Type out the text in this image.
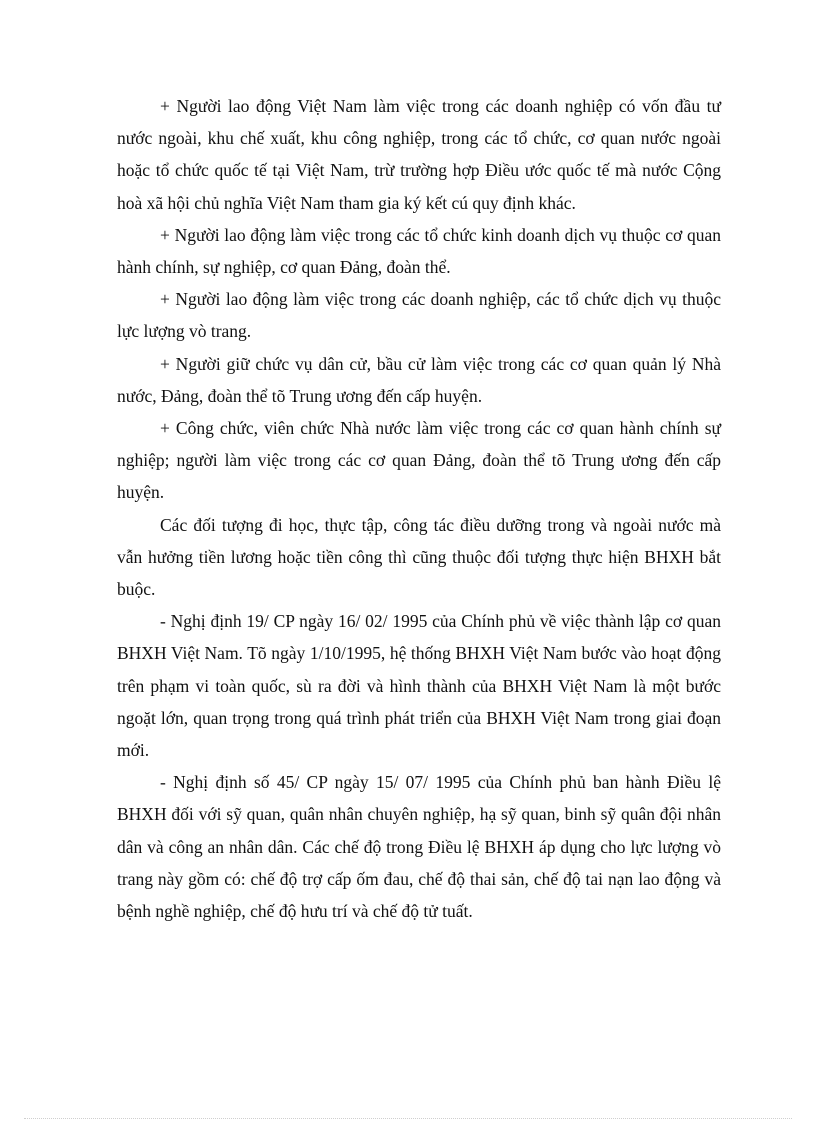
+ Người lao động Việt Nam làm việc trong các doanh nghiệp có vốn đầu tư nước ngoài, khu chế xuất, khu công nghiệp, trong các tổ chức, cơ quan nước ngoài hoặc tổ chức quốc tế tại Việt Nam, trừ trường hợp Điều ước quốc tế mà nước Cộng hoà xã hội chủ nghĩa Việt Nam tham gia ký kết cú quy định khác.

+ Người lao động làm việc trong các tổ chức kinh doanh dịch vụ thuộc cơ quan hành chính, sự nghiệp, cơ quan Đảng, đoàn thể.

+ Người lao động làm việc trong các doanh nghiệp, các tổ chức dịch vụ thuộc lực lượng vò trang.

+ Người giữ chức vụ dân cử, bầu cử làm việc trong các cơ quan quản lý Nhà nước, Đảng, đoàn thể tõ Trung ương đến cấp huyện.

+ Công chức, viên chức Nhà nước làm việc trong các cơ quan hành chính sự nghiệp; người làm việc trong các cơ quan Đảng, đoàn thể tõ Trung ương đến cấp huyện.

Các đối tượng đi học, thực tập, công tác điều dưỡng trong và ngoài nước mà vẫn hưởng tiền lương hoặc tiền công thì cũng thuộc đối tượng thực hiện BHXH bắt buộc.

- Nghị định 19/ CP ngày 16/ 02/ 1995 của Chính phủ về việc thành lập cơ quan BHXH Việt Nam. Tõ ngày 1/10/1995, hệ thống BHXH Việt Nam bước vào hoạt động trên phạm vi toàn quốc, sù ra đời và hình thành của BHXH Việt Nam là một bước ngoặt lớn, quan trọng trong quá trình phát triển của BHXH Việt Nam trong giai đoạn mới.

- Nghị định số 45/ CP ngày 15/ 07/ 1995 của Chính phủ ban hành Điều lệ BHXH đối với sỹ quan, quân nhân chuyên nghiệp, hạ sỹ quan, binh sỹ quân đội nhân dân và công an nhân dân. Các chế độ trong Điều lệ BHXH áp dụng cho lực lượng vò trang này gồm có: chế độ trợ cấp ốm đau, chế độ thai sản, chế độ tai nạn lao động và bệnh nghề nghiệp, chế độ hưu trí và chế độ tử tuất.
